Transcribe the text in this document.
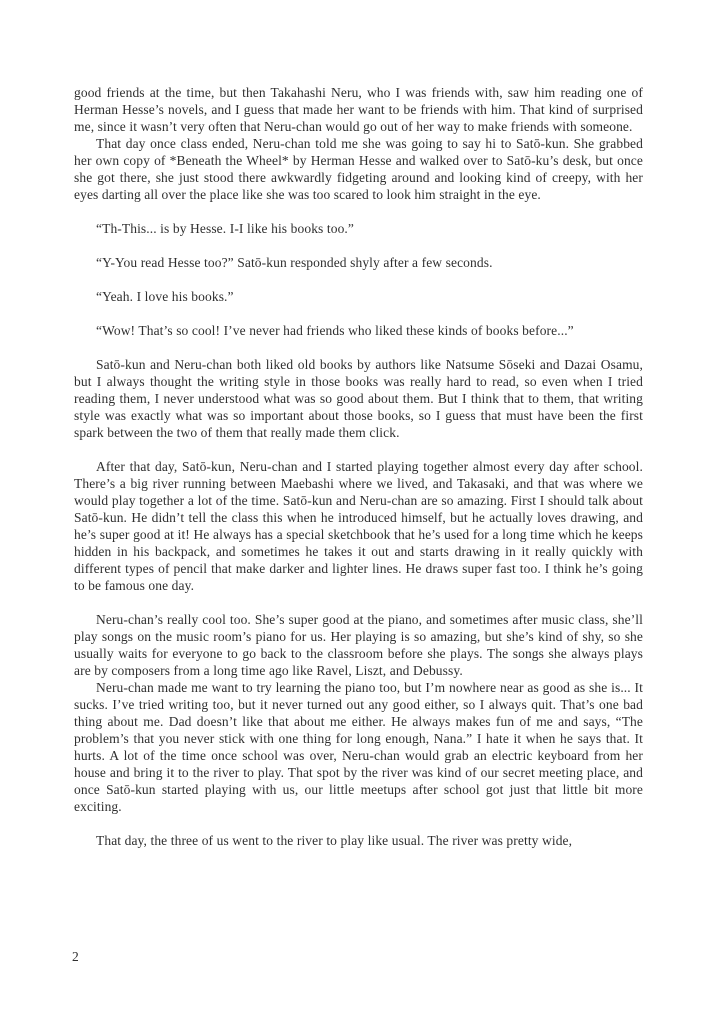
good friends at the time, but then Takahashi Neru, who I was friends with, saw him reading one of Herman Hesse’s novels, and I guess that made her want to be friends with him. That kind of surprised me, since it wasn’t very often that Neru-chan would go out of her way to make friends with someone.

That day once class ended, Neru-chan told me she was going to say hi to Satō-kun. She grabbed her own copy of *Beneath the Wheel* by Herman Hesse and walked over to Satō-ku’s desk, but once she got there, she just stood there awkwardly fidgeting around and looking kind of creepy, with her eyes darting all over the place like she was too scared to look him straight in the eye.

“Th-This... is by Hesse. I-I like his books too.”

“Y-You read Hesse too?” Satō-kun responded shyly after a few seconds.

“Yeah. I love his books.”

“Wow! That’s so cool! I’ve never had friends who liked these kinds of books before...”

Satō-kun and Neru-chan both liked old books by authors like Natsume Sōseki and Dazai Osamu, but I always thought the writing style in those books was really hard to read, so even when I tried reading them, I never understood what was so good about them. But I think that to them, that writing style was exactly what was so important about those books, so I guess that must have been the first spark between the two of them that really made them click.

After that day, Satō-kun, Neru-chan and I started playing together almost every day after school. There’s a big river running between Maebashi where we lived, and Takasaki, and that was where we would play together a lot of the time. Satō-kun and Neru-chan are so amazing. First I should talk about Satō-kun. He didn’t tell the class this when he introduced himself, but he actually loves drawing, and he’s super good at it! He always has a special sketchbook that he’s used for a long time which he keeps hidden in his backpack, and sometimes he takes it out and starts drawing in it really quickly with different types of pencil that make darker and lighter lines. He draws super fast too. I think he’s going to be famous one day.

Neru-chan’s really cool too. She’s super good at the piano, and sometimes after music class, she’ll play songs on the music room’s piano for us. Her playing is so amazing, but she’s kind of shy, so she usually waits for everyone to go back to the classroom before she plays. The songs she always plays are by composers from a long time ago like Ravel, Liszt, and Debussy.

Neru-chan made me want to try learning the piano too, but I’m nowhere near as good as she is... It sucks. I’ve tried writing too, but it never turned out any good either, so I always quit. That’s one bad thing about me. Dad doesn’t like that about me either. He always makes fun of me and says, “The problem’s that you never stick with one thing for long enough, Nana.” I hate it when he says that. It hurts. A lot of the time once school was over, Neru-chan would grab an electric keyboard from her house and bring it to the river to play. That spot by the river was kind of our secret meeting place, and once Satō-kun started playing with us, our little meetups after school got just that little bit more exciting.

That day, the three of us went to the river to play like usual. The river was pretty wide,

2
